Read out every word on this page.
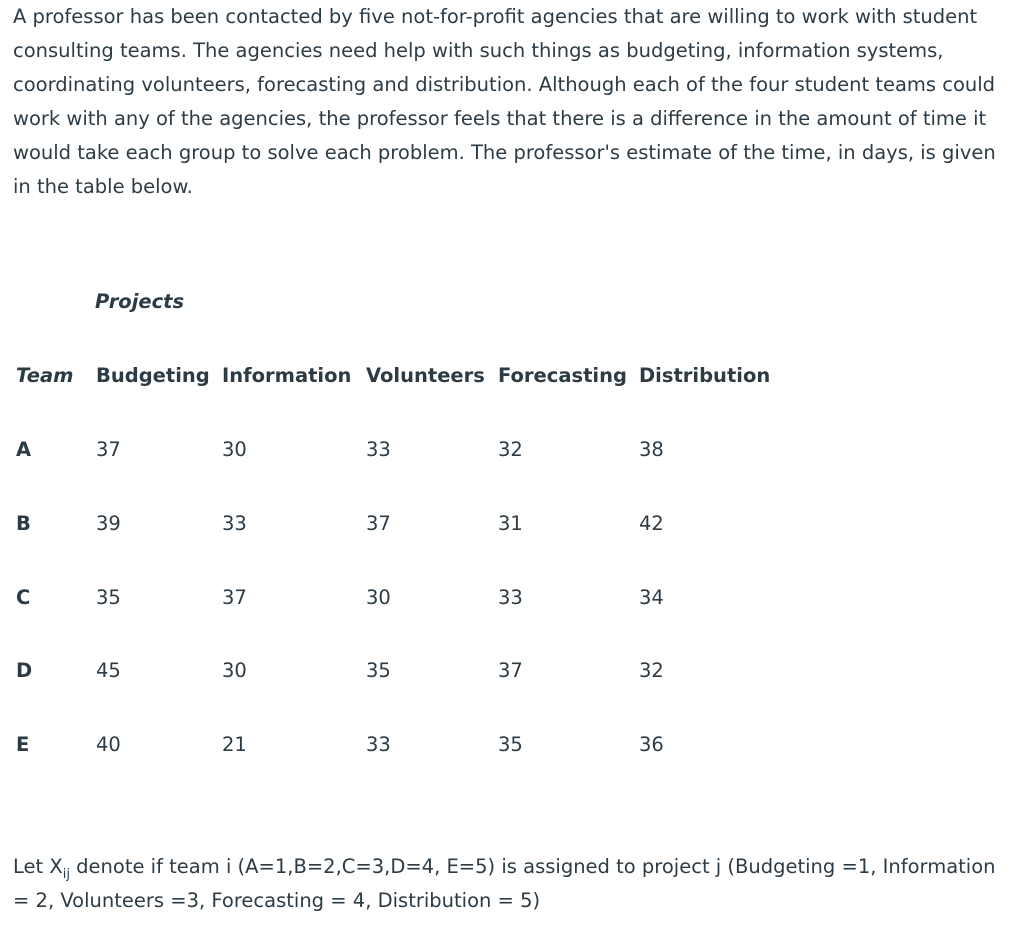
A professor has been contacted by five not-for-profit agencies that are willing to work with student consulting teams. The agencies need help with such things as budgeting, information systems, coordinating volunteers, forecasting and distribution. Although each of the four student teams could work with any of the agencies, the professor feels that there is a difference in the amount of time it would take each group to solve each problem. The professor's estimate of the time, in days, is given in the table below.

Projects
Team Budgeting Information Volunteers Forecasting Distribution
A	37	30	33	32	38
B	39	33	37	31	42
C	35	37	30	33	34
D	45	30	35	37	32
E	40	21	33	35	36

Let $X_{ij}$ denote if team i (A=1,B=2,C=3,D=4, E=5) is assigned to project j (Budgeting =1, Information = 2, Volunteers =3, Forecasting = 4, Distribution = 5)
